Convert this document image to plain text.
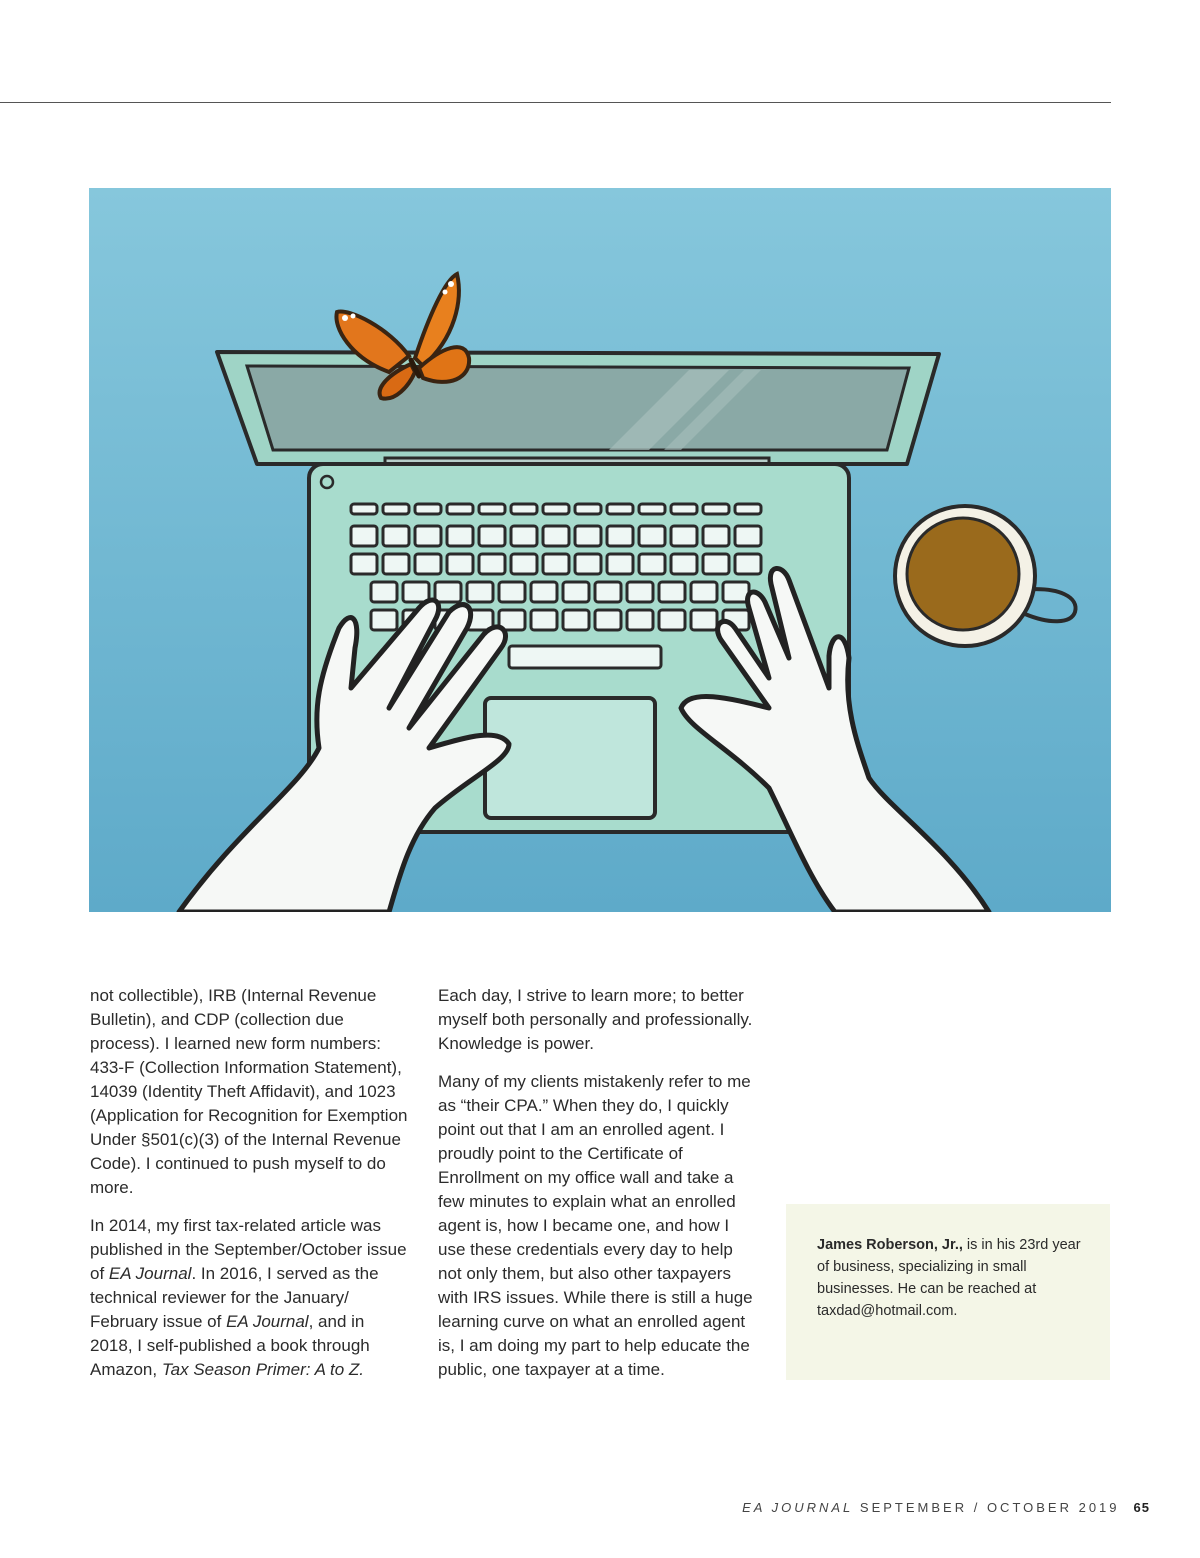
not collectible), IRB (Internal Revenue Bulletin), and CDP (collection due process). I learned new form numbers: 433-F (Collection Information Statement), 14039 (Identity Theft Affidavit), and 1023 (Application for Recognition for Exemption Under §501(c)(3) of the Internal Revenue Code). I continued to push myself to do more.

In 2014, my first tax-related article was published in the September/October issue of EA Journal. In 2016, I served as the technical reviewer for the January/ February issue of EA Journal, and in 2018, I self-published a book through Amazon, Tax Season Primer: A to Z.

Each day, I strive to learn more; to better myself both personally and professionally. Knowledge is power.

Many of my clients mistakenly refer to me as “their CPA.” When they do, I quickly point out that I am an enrolled agent. I proudly point to the Certificate of Enrollment on my office wall and take a few minutes to explain what an enrolled agent is, how I became one, and how I use these credentials every day to help not only them, but also other taxpayers with IRS issues. While there is still a huge learning curve on what an enrolled agent is, I am doing my part to help educate the public, one taxpayer at a time.

James Roberson, Jr., is in his 23rd year of business, specializing in small businesses. He can be reached at taxdad@hotmail.com.
EA JOURNAL SEPTEMBER / OCTOBER 2019 65
